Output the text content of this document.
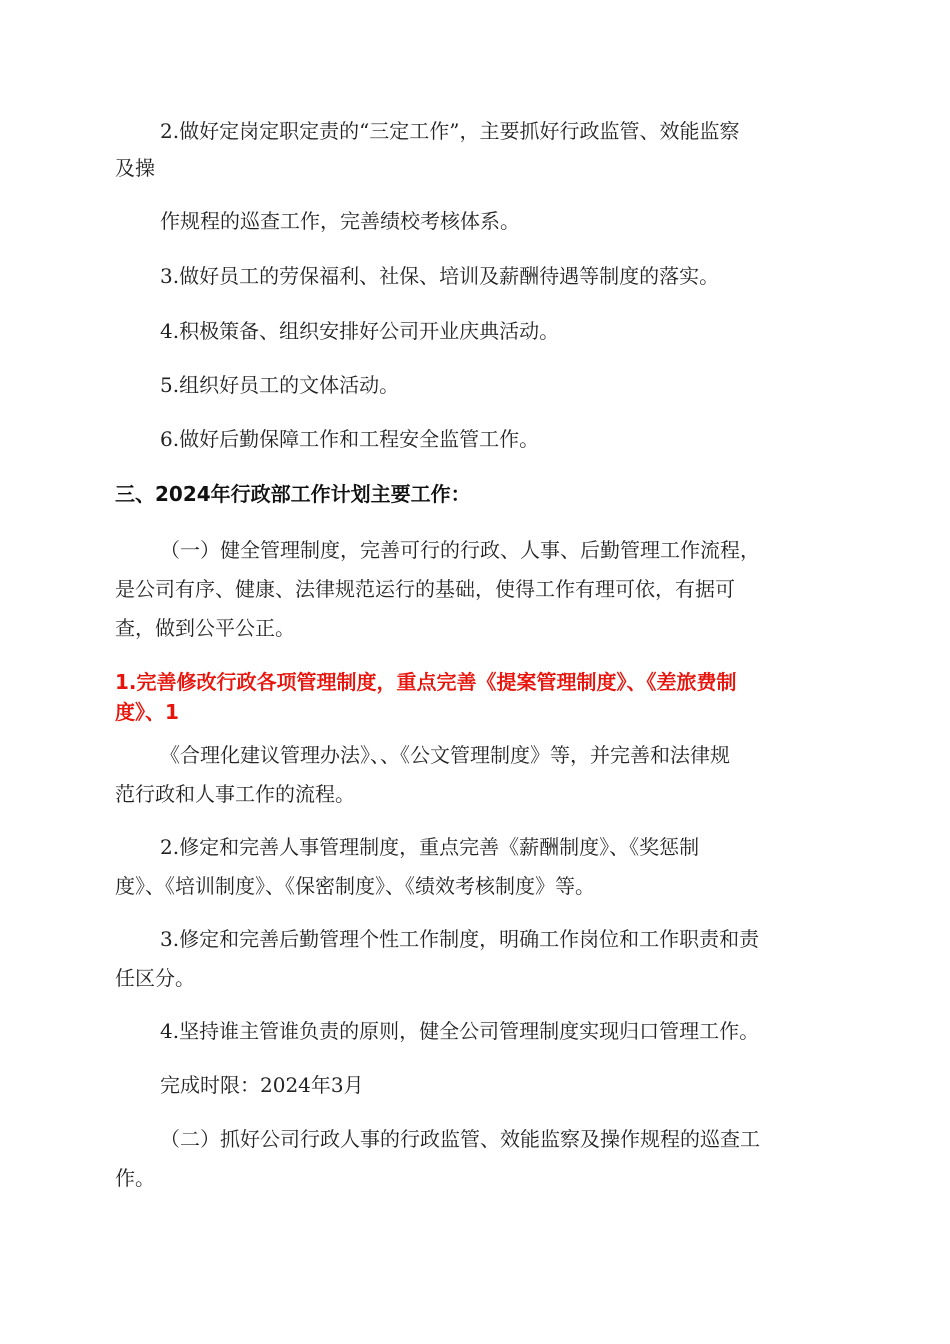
2.做好定岗定职定责的“三定工作”，主要抓好行政监管、效能监察
及操
作规程的巡查工作，完善绩校考核体系。
3.做好员工的劳保福利、社保、培训及薪酬待遇等制度的落实。
4.积极策备、组织安排好公司开业庆典活动。
5.组织好员工的文体活动。
6.做好后勤保障工作和工程安全监管工作。
三、2024年行政部工作计划主要工作：
（一）健全管理制度，完善可行的行政、人事、后勤管理工作流程，
是公司有序、健康、法律规范运行的基础，使得工作有理可依，有据可
查，做到公平公正。
1.完善修改行政各项管理制度，重点完善《提案管理制度》、《差旅费制
度》、1
《合理化建议管理办法》、、《公文管理制度》等，并完善和法律规
范行政和人事工作的流程。
2.修定和完善人事管理制度，重点完善《薪酬制度》、《奖惩制
度》、《培训制度》、《保密制度》、《绩效考核制度》等。
3.修定和完善后勤管理个性工作制度，明确工作岗位和工作职责和责
任区分。
4.坚持谁主管谁负责的原则，健全公司管理制度实现归口管理工作。
完成时限：2024年3月
（二）抓好公司行政人事的行政监管、效能监察及操作规程的巡查工
作。
